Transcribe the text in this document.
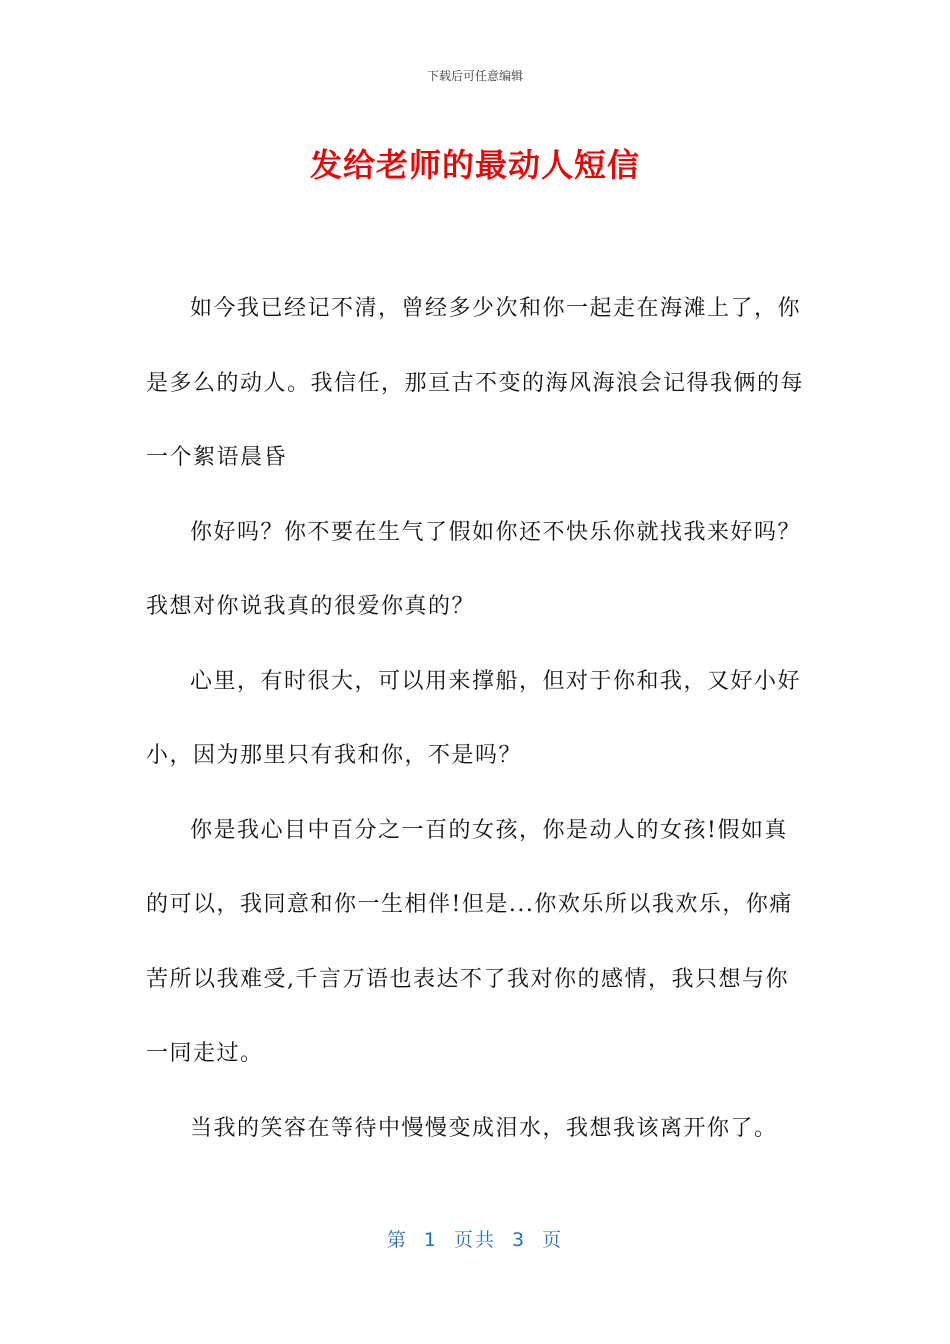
下载后可任意编辑
发给老师的最动人短信

如今我已经记不清，曾经多少次和你一起走在海滩上了，你是多么的动人。我信任，那亘古不变的海风海浪会记得我俩的每一个絮语晨昏

你好吗？你不要在生气了假如你还不快乐你就找我来好吗？我想对你说我真的很爱你真的？

心里，有时很大，可以用来撑船，但对于你和我，又好小好小，因为那里只有我和你，不是吗？

你是我心目中百分之一百的女孩，你是动人的女孩!假如真的可以，我同意和你一生相伴!但是...你欢乐所以我欢乐，你痛苦所以我难受,千言万语也表达不了我对你的感情，我只想与你一同走过。

当我的笑容在等待中慢慢变成泪水，我想我该离开你了。

第 1 页共 3 页
